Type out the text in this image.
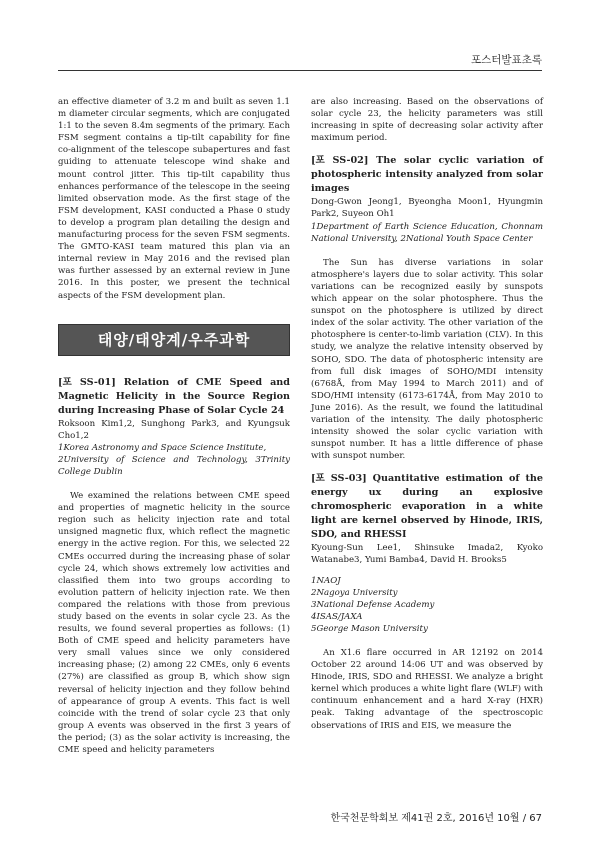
포스터발표초록

an effective diameter of 3.2 m and built as seven 1.1 m diameter circular segments, which are conjugated 1:1 to the seven 8.4m segments of the primary. Each FSM segment contains a tip-tilt capability for fine co-alignment of the telescope subapertures and fast guiding to attenuate telescope wind shake and mount control jitter. This tip-tilt capability thus enhances performance of the telescope in the seeing limited observation mode. As the first stage of the FSM development, KASI conducted a Phase 0 study to develop a program plan detailing the design and manufacturing process for the seven FSM segments. The GMTO-KASI team matured this plan via an internal review in May 2016 and the revised plan was further assessed by an external review in June 2016. In this poster, we present the technical aspects of the FSM development plan.

태양/태양계/우주과학

[포 SS-01] Relation of CME Speed and Magnetic Helicity in the Source Region during Increasing Phase of Solar Cycle 24

Roksoon Kim1,2, Sunghong Park3, and Kyungsuk Cho1,2

1Korea Astronomy and Space Science Institute,

2University of Science and Technology, 3Trinity College Dublin

We examined the relations between CME speed and properties of magnetic helicity in the source region such as helicity injection rate and total unsigned magnetic flux, which reflect the magnetic energy in the active region. For this, we selected 22 CMEs occurred during the increasing phase of solar cycle 24, which shows extremely low activities and classified them into two groups according to evolution pattern of helicity injection rate. We then compared the relations with those from previous study based on the events in solar cycle 23. As the results, we found several properties as follows: (1) Both of CME speed and helicity parameters have very small values since we only considered increasing phase; (2) among 22 CMEs, only 6 events (27%) are classified as group B, which show sign reversal of helicity injection and they follow behind of appearance of group A events. This fact is well coincide with the trend of solar cycle 23 that only group A events was observed in the first 3 years of the period; (3) as the solar activity is increasing, the CME speed and helicity parameters

are also increasing. Based on the observations of solar cycle 23, the helicity parameters was still increasing in spite of decreasing solar activity after maximum period.

[포 SS-02] The solar cyclic variation of photospheric intensity analyzed from solar images

Dong-Gwon Jeong1, Byeongha Moon1, Hyungmin Park2, Suyeon Oh1

1Department of Earth Science Education, Chonnam National University, 2National Youth Space Center

The Sun has diverse variations in solar atmosphere's layers due to solar activity. This solar variations can be recognized easily by sunspots which appear on the solar photosphere. Thus the sunspot on the photosphere is utilized by direct index of the solar activity. The other variation of the photosphere is center-to-limb variation (CLV). In this study, we analyze the relative intensity observed by SOHO, SDO. The data of photospheric intensity are from full disk images of SOHO/MDI intensity (6768Å, from May 1994 to March 2011) and of SDO/HMI intensity (6173-6174Å, from May 2010 to June 2016). As the result, we found the latitudinal variation of the intensity. The daily photospheric intensity showed the solar cyclic variation with sunspot number. It has a little difference of phase with sunspot number.

[포 SS-03] Quantitative estimation of the energy ux during an explosive chromospheric evaporation in a white light are kernel observed by Hinode, IRIS, SDO, and RHESSI

Kyoung-Sun Lee1, Shinsuke Imada2, Kyoko Watanabe3, Yumi Bamba4, David H. Brooks5

1NAOJ

2Nagoya University

3National Defense Academy

4ISAS/JAXA

5George Mason University

An X1.6 flare occurred in AR 12192 on 2014 October 22 around 14:06 UT and was observed by Hinode, IRIS, SDO and RHESSI. We analyze a bright kernel which produces a white light flare (WLF) with continuum enhancement and a hard X-ray (HXR) peak. Taking advantage of the spectroscopic observations of IRIS and EIS, we measure the

한국천문학회보 제41권 2호, 2016년 10월 / 67
